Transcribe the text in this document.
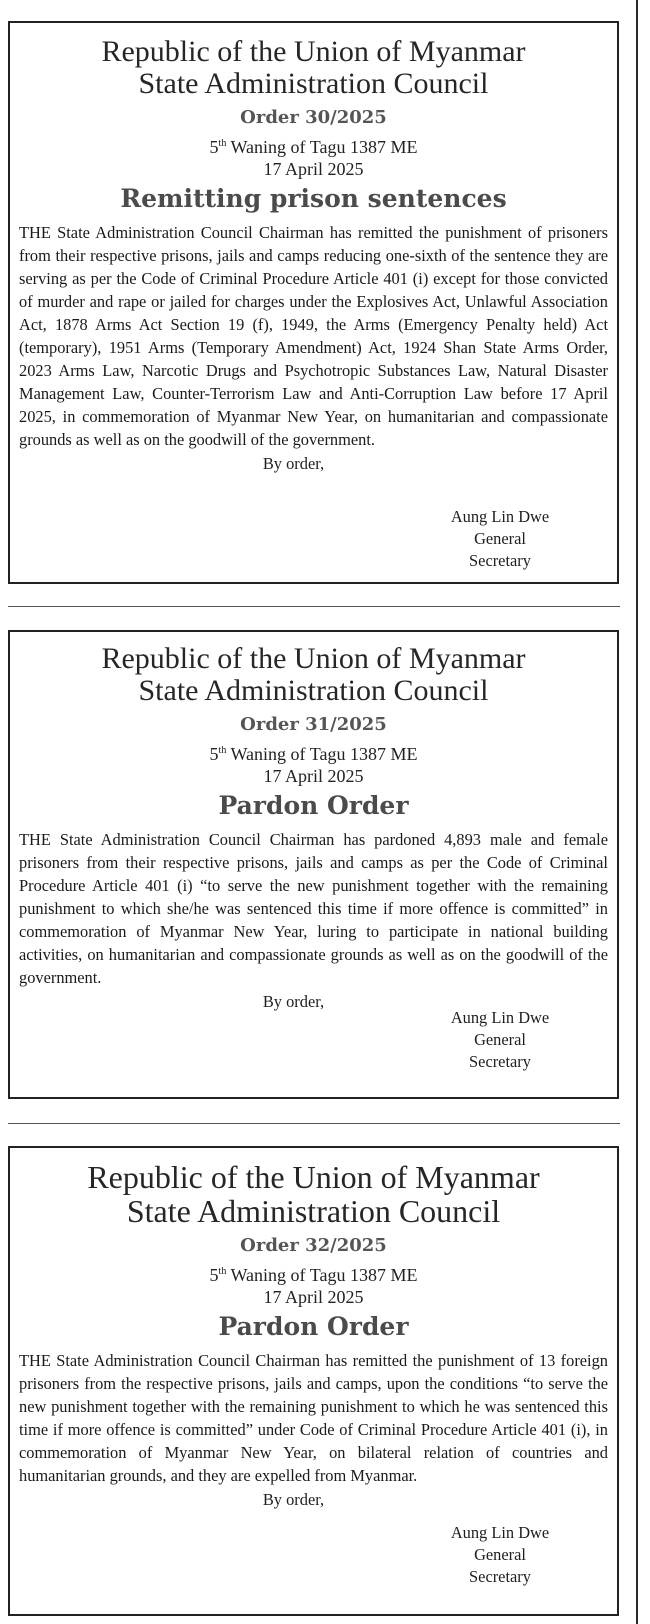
Republic of the Union of Myanmar
State Administration Council
Order 30/2025
5th Waning of Tagu 1387 ME
17 April 2025
Remitting prison sentences
THE State Administration Council Chairman has remitted the punishment of prisoners from their respective prisons, jails and camps reducing one-sixth of the sentence they are serving as per the Code of Criminal Procedure Article 401 (i) except for those convicted of murder and rape or jailed for charges under the Explosives Act, Unlawful Association Act, 1878 Arms Act Section 19 (f), 1949, the Arms (Emergency Penalty held) Act (temporary), 1951 Arms (Temporary Amendment) Act, 1924 Shan State Arms Order, 2023 Arms Law, Narcotic Drugs and Psychotropic Substances Law, Natural Disaster Management Law, Counter-Terrorism Law and Anti-Corruption Law before 17 April 2025, in commemoration of Myanmar New Year, on humanitarian and compassionate grounds as well as on the goodwill of the government.
By order,
Aung Lin Dwe
General
Secretary
Republic of the Union of Myanmar
State Administration Council
Order 31/2025
5th Waning of Tagu 1387 ME
17 April 2025
Pardon Order
THE State Administration Council Chairman has pardoned 4,893 male and female prisoners from their respective prisons, jails and camps as per the Code of Criminal Procedure Article 401 (i) “to serve the new punishment together with the remaining punishment to which she/he was sentenced this time if more offence is committed” in commemoration of Myanmar New Year, luring to participate in national building activities, on humanitarian and compassionate grounds as well as on the goodwill of the government.
By order,
Aung Lin Dwe
General
Secretary
Republic of the Union of Myanmar
State Administration Council
Order 32/2025
5th Waning of Tagu 1387 ME
17 April 2025
Pardon Order
THE State Administration Council Chairman has remitted the punishment of 13 foreign prisoners from the respective prisons, jails and camps, upon the conditions “to serve the new punishment together with the remaining punishment to which he was sentenced this time if more offence is committed” under Code of Criminal Procedure Article 401 (i), in commemoration of Myanmar New Year, on bilateral relation of countries and humanitarian grounds, and they are expelled from Myanmar.
By order,
Aung Lin Dwe
General
Secretary
